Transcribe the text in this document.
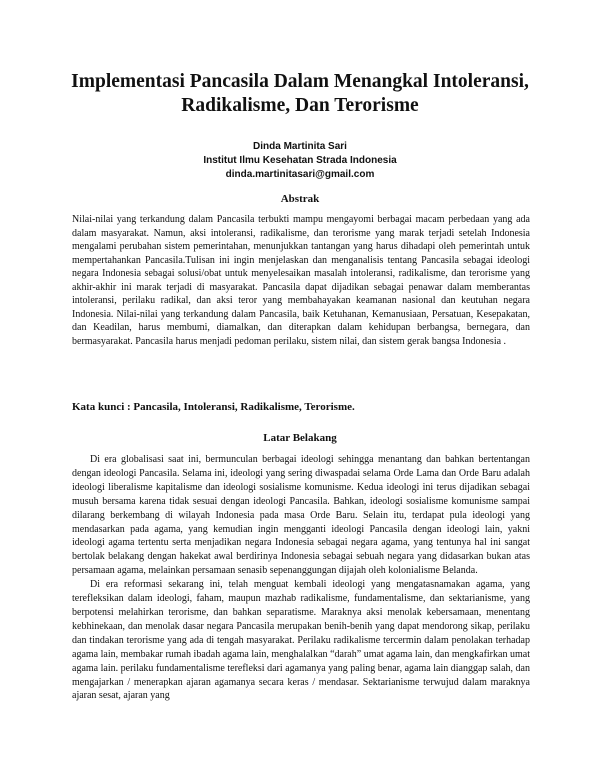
Implementasi Pancasila Dalam Menangkal Intoleransi,
Radikalisme, Dan Terorisme
Dinda Martinita Sari
Institut Ilmu Kesehatan Strada Indonesia
dinda.martinitasari@gmail.com
Abstrak
Nilai-nilai yang terkandung dalam Pancasila terbukti mampu mengayomi berbagai macam perbedaan yang ada dalam masyarakat. Namun, aksi intoleransi, radikalisme, dan terorisme yang marak terjadi setelah Indonesia mengalami perubahan sistem pemerintahan, menunjukkan tantangan yang harus dihadapi oleh pemerintah untuk mempertahankan Pancasila.Tulisan ini ingin menjelaskan dan menganalisis tentang Pancasila sebagai ideologi negara Indonesia sebagai solusi/obat untuk menyelesaikan masalah intoleransi, radikalisme, dan terorisme yang akhir-akhir ini marak terjadi di masyarakat. Pancasila dapat dijadikan sebagai penawar dalam memberantas intoleransi, perilaku radikal, dan aksi teror yang membahayakan keamanan nasional dan keutuhan negara Indonesia. Nilai-nilai yang terkandung dalam Pancasila, baik Ketuhanan, Kemanusiaan, Persatuan, Kesepakatan, dan Keadilan, harus membumi, diamalkan, dan diterapkan dalam kehidupan berbangsa, bernegara, dan bermasyarakat. Pancasila harus menjadi pedoman perilaku, sistem nilai, dan sistem gerak bangsa Indonesia .
Kata kunci : Pancasila, Intoleransi, Radikalisme, Terorisme.
Latar Belakang

Di era globalisasi saat ini, bermunculan berbagai ideologi sehingga menantang dan bahkan bertentangan dengan ideologi Pancasila. Selama ini, ideologi yang sering diwaspadai selama Orde Lama dan Orde Baru adalah ideologi liberalisme kapitalisme dan ideologi sosialisme komunisme. Kedua ideologi ini terus dijadikan sebagai musuh bersama karena tidak sesuai dengan ideologi Pancasila. Bahkan, ideologi sosialisme komunisme sampai dilarang berkembang di wilayah Indonesia pada masa Orde Baru. Selain itu, terdapat pula ideologi yang mendasarkan pada agama, yang kemudian ingin mengganti ideologi Pancasila dengan ideologi lain, yakni ideologi agama tertentu serta menjadikan negara Indonesia sebagai negara agama, yang tentunya hal ini sangat bertolak belakang dengan hakekat awal berdirinya Indonesia sebagai sebuah negara yang didasarkan bukan atas persamaan agama, melainkan persamaan senasib sepenanggungan dijajah oleh kolonialisme Belanda.

Di era reformasi sekarang ini, telah menguat kembali ideologi yang mengatasnamakan agama, yang terefleksikan dalam ideologi, faham, maupun mazhab radikalisme, fundamentalisme, dan sektarianisme, yang berpotensi melahirkan terorisme, dan bahkan separatisme. Maraknya aksi menolak kebersamaan, menentang kebhinekaan, dan menolak dasar negara Pancasila merupakan benih-benih yang dapat mendorong sikap, perilaku dan tindakan terorisme yang ada di tengah masyarakat. Perilaku radikalisme tercermin dalam penolakan terhadap agama lain, membakar rumah ibadah agama lain, menghalalkan “darah” umat agama lain, dan mengkafirkan umat agama lain. perilaku fundamentalisme terefleksi dari agamanya yang paling benar, agama lain dianggap salah, dan mengajarkan / menerapkan ajaran agamanya secara keras / mendasar. Sektarianisme terwujud dalam maraknya ajaran sesat, ajaran yang
